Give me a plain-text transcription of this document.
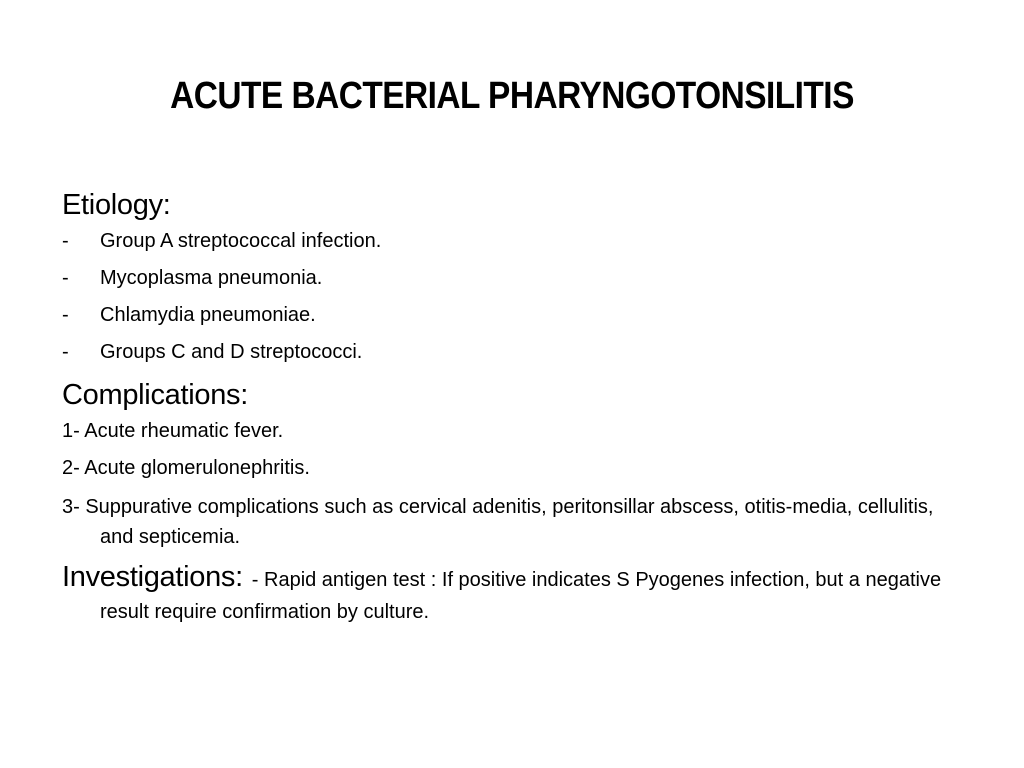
ACUTE BACTERIAL PHARYNGOTONSILITIS

Etiology:

- Group A streptococcal infection.
- Mycoplasma pneumonia.
- Chlamydia pneumoniae.
- Groups C and D streptococci.

Complications:

1- Acute rheumatic fever.

2- Acute glomerulonephritis.

3- Suppurative complications such as cervical adenitis, peritonsillar abscess, otitis-media, cellulitis, and septicemia.

Investigations: - Rapid antigen test : If positive indicates S Pyogenes infection, but a negative result require confirmation by culture.
